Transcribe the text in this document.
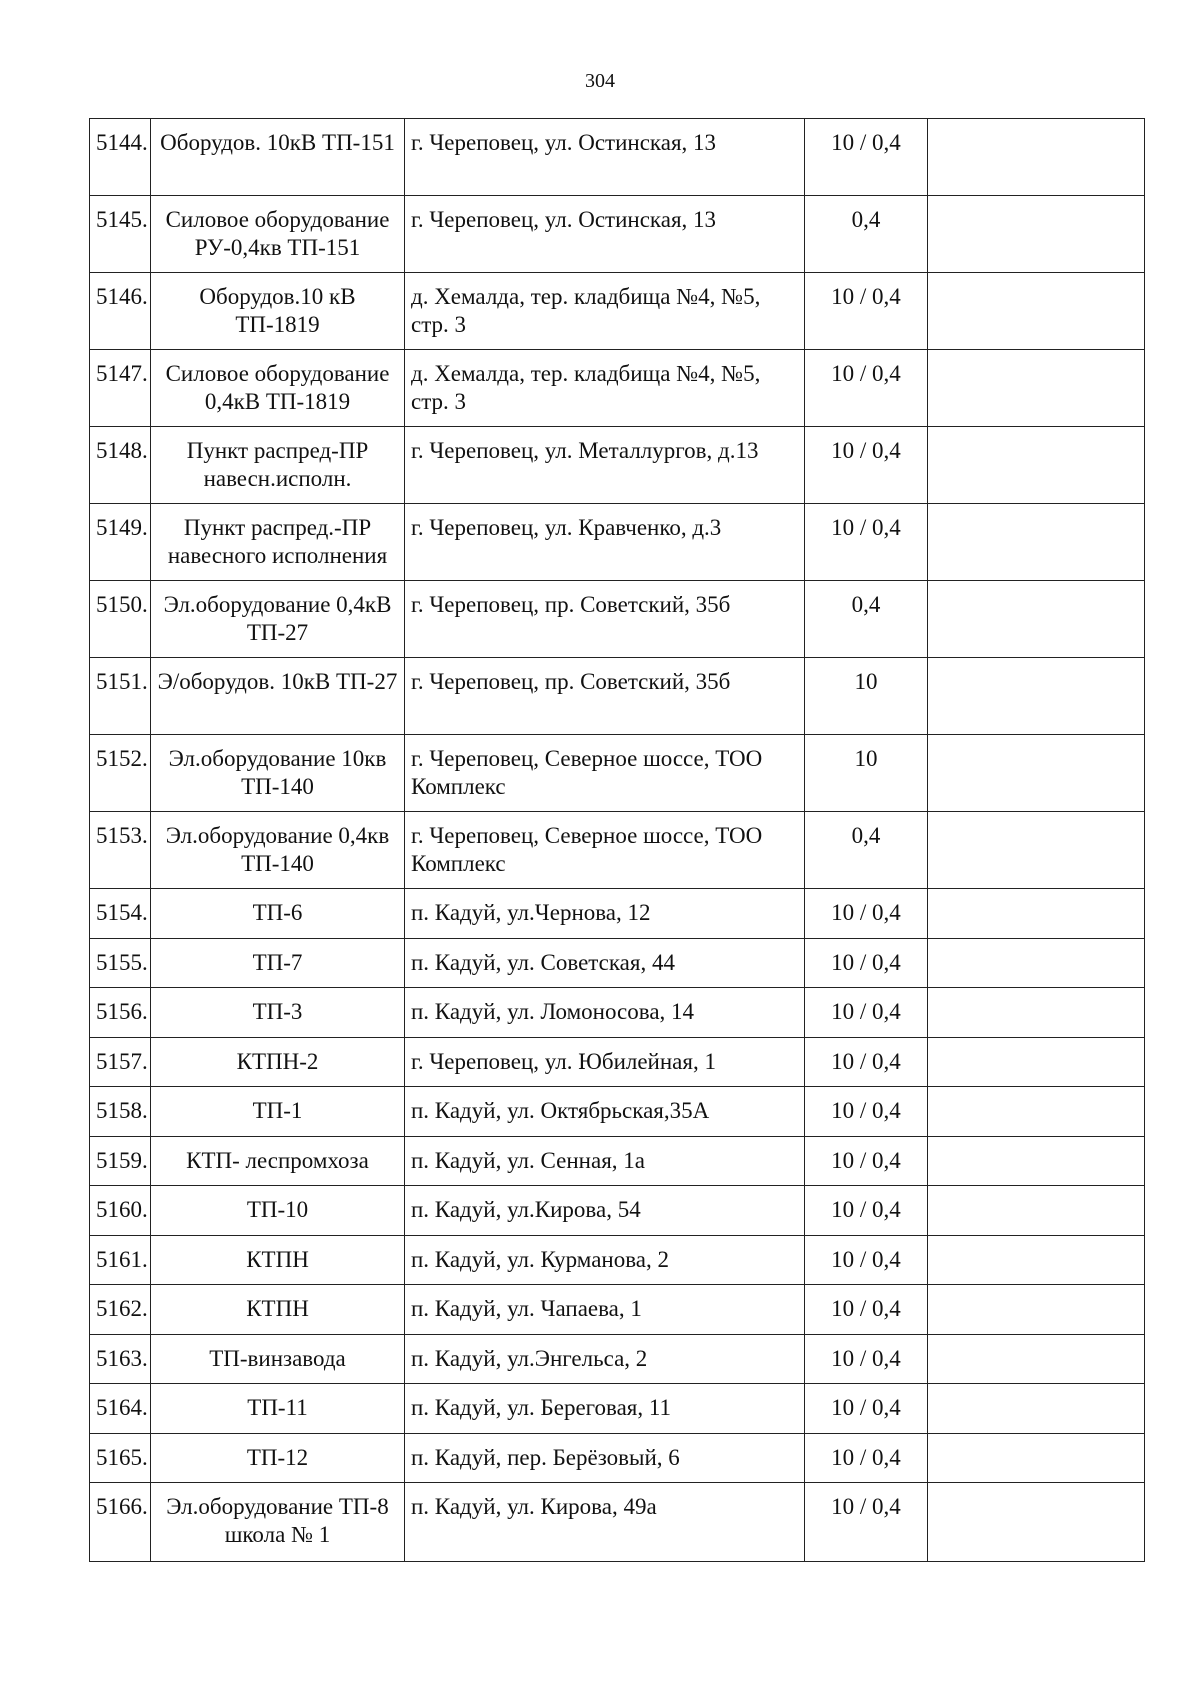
304
5144.	Оборудов. 10кВ ТП-151	г. Череповец, ул. Остинская, 13	10 / 0,4	
5145.	Силовое оборудование РУ-0,4кв ТП-151	г. Череповец, ул. Остинская, 13	0,4	
5146.	Оборудов.10 кВ ТП-1819	д. Хемалда, тер. кладбища №4, №5, стр. 3	10 / 0,4	
5147.	Силовое оборудование 0,4кВ ТП-1819	д. Хемалда, тер. кладбища №4, №5, стр. 3	10 / 0,4	
5148.	Пункт распред-ПР навесн.исполн.	г. Череповец, ул. Металлургов, д.13	10 / 0,4	
5149.	Пункт распред.-ПР навесного исполнения	г. Череповец, ул. Кравченко, д.3	10 / 0,4	
5150.	Эл.оборудование 0,4кВ ТП-27	г. Череповец, пр. Советский, 35б	0,4	
5151.	Э/оборудов. 10кВ ТП-27	г. Череповец, пр. Советский, 35б	10	
5152.	Эл.оборудование 10кв ТП-140	г. Череповец, Северное шоссе, ТОО Комплекс	10	
5153.	Эл.оборудование 0,4кв ТП-140	г. Череповец, Северное шоссе, ТОО Комплекс	0,4	
5154.	ТП-6	п. Кадуй, ул.Чернова, 12	10 / 0,4	
5155.	ТП-7	п. Кадуй, ул. Советская, 44	10 / 0,4	
5156.	ТП-3	п. Кадуй, ул. Ломоносова, 14	10 / 0,4	
5157.	КТПН-2	г. Череповец, ул. Юбилейная, 1	10 / 0,4	
5158.	ТП-1	п. Кадуй, ул. Октябрьская,35А	10 / 0,4	
5159.	КТП- леспромхоза	п. Кадуй, ул. Сенная, 1а	10 / 0,4	
5160.	ТП-10	п. Кадуй, ул.Кирова, 54	10 / 0,4	
5161.	КТПН	п. Кадуй, ул. Курманова, 2	10 / 0,4	
5162.	КТПН	п. Кадуй, ул. Чапаева, 1	10 / 0,4	
5163.	ТП-винзавода	п. Кадуй, ул.Энгельса, 2	10 / 0,4	
5164.	ТП-11	п. Кадуй, ул. Береговая, 11	10 / 0,4	
5165.	ТП-12	п. Кадуй, пер. Берёзовый, 6	10 / 0,4	
5166.	Эл.оборудование ТП-8 школа № 1	п. Кадуй, ул. Кирова, 49а	10 / 0,4	
